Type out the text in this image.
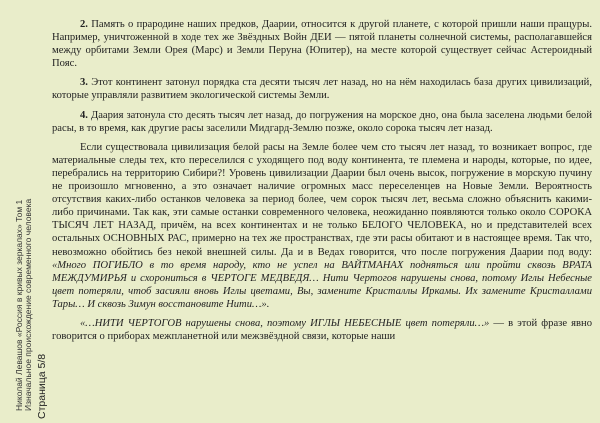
Николай Левашов «Россия в кривых зеркалах» Том 1 Изначальное происхождение современного человека Страница 5/8

2. Память о прародине наших предков, Даарии, относится к другой планете, с которой пришли наши пращуры. Например, уничтоженной в ходе тех же Звёздных Войн ДЕИ — пятой планеты солнечной системы, располагавшейся между орбитами Земли Орея (Марс) и Земли Перуна (Юпитер), на месте которой существует сейчас Астероидный Пояс.

3. Этот континент затонул порядка ста десяти тысяч лет назад, но на нём находилась база других цивилизаций, которые управляли развитием экологической системы Земли.

4. Даария затонула сто десять тысяч лет назад, до погружения на морское дно, она была заселена людьми белой расы, в то время, как другие расы заселили Мидгард-Землю позже, около сорока тысяч лет назад.

Если существовала цивилизация белой расы на Земле более чем сто тысяч лет назад, то возникает вопрос, где материальные следы тех, кто переселился с уходящего под воду континента, те племена и народы, которые, по идее, перебрались на территорию Сибири?! Уровень цивилизации Даарии был очень высок, погружение в морскую пучину не произошло мгновенно, а это означает наличие огромных масс переселенцев на Новые Земли. Вероятность отсутствия каких-либо останков человека за период более, чем сорок тысяч лет, весьма сложно объяснить какими-либо причинами. Так как, эти самые останки современного человека, неожиданно появляются только около СОРОКА ТЫСЯЧ ЛЕТ НАЗАД, причём, на всех континентах и не только БЕЛОГО ЧЕЛОВЕКА, но и представителей всех остальных ОСНОВНЫХ РАС, примерно на тех же пространствах, где эти расы обитают и в настоящее время. Так что, невозможно обойтись без некой внешней силы. Да и в Ведах говорится, что после погружения Даарии под воду: «Много ПОГИБЛО в то время народу, кто не успел на ВАЙТМАНАХ подняться или пройти сквозь ВРАТА МЕЖДУМИРЬЯ и схорониться в ЧЕРТОГЕ МЕДВЕДЯ… Нити Чертогов нарушены снова, потому Иглы Небесные цвет потеряли, чтоб засияли вновь Иглы цветами, Вы, замените Кристаллы Иркамы. Их замените Кристаллами Тары… И сквозь Зимун восстановите Нити…».

«…НИТИ ЧЕРТОГОВ нарушены снова, поэтому ИГЛЫ НЕБЕСНЫЕ цвет потеряли…» — в этой фразе явно говорится о приборах межпланетной или межзвёздной связи, которые наши
